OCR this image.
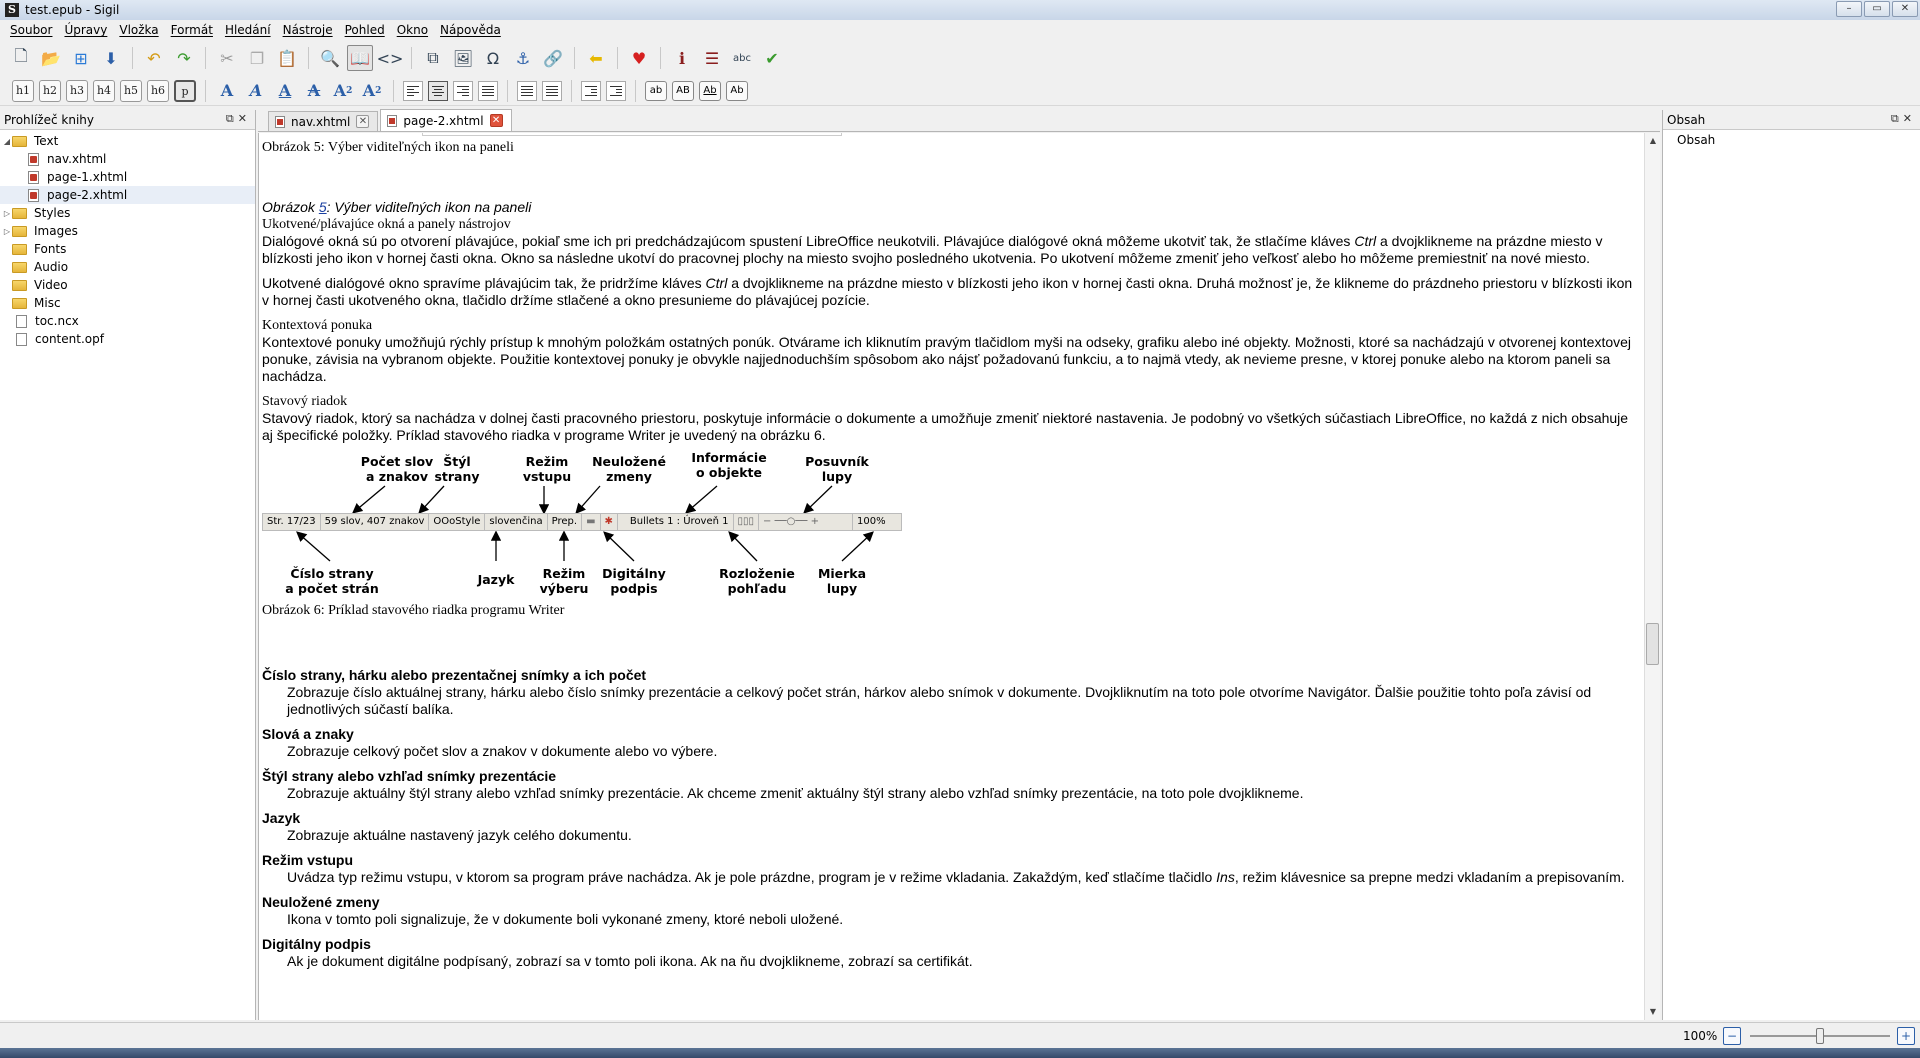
S test.epub - Sigil	–	▭	✕
Soubor	Úpravy	Vložka	Formát	Hledání	Nástroje	Pohled	Okno	Nápověda
🗋 📂 ⊞	⬇	↶	↷	✂	❐ 📋 🔍 📖 <>	⧉ 🖼 Ω	⚓ 🔗	⬅	♥	ℹ	☰	abc ✔
h1	h2	h3	h4	h5	h6	p	A	A	A	A A 2 A 2	ab	AB	Ab	Ab
Prohlížeč knihy	⧉✕
◢ Text
nav.xhtml
page-1.xhtml
page-2.xhtml
▷ Styles
▷ Images
Fonts
Audio
Video
Misc
toc.ncx
content.opf
nav.xhtml ✕	page-2.xhtml ✕
Obrázok 5: Výber viditeľných ikon na paneli
Obrázok 5: Výber viditeľných ikon na paneli
Ukotvené/plávajúce okná a panely nástrojov
Dialógové okná sú po otvorení plávajúce, pokiaľ sme ich pri predchádzajúcom spustení LibreOffice neukotvili. Plávajúce dialógové okná môžeme ukotviť tak, že stlačíme kláves Ctrl a dvojklikneme na prázdne miesto v blízkosti jeho ikon v hornej časti okna. Okno sa následne ukotví do pracovnej plochy na miesto svojho posledného ukotvenia. Po ukotvení môžeme zmeniť jeho veľkosť alebo ho môžeme premiestniť na nové miesto.
Ukotvené dialógové okno spravíme plávajúcim tak, že pridržíme kláves Ctrl a dvojklikneme na prázdne miesto v blízkosti jeho ikon v hornej časti okna. Druhá možnosť je, že klikneme do prázdneho priestoru v blízkosti ikon v hornej časti ukotveného okna, tlačidlo držíme stlačené a okno presunieme do plávajúcej pozície.
Kontextová ponuka
Kontextové ponuky umožňujú rýchly prístup k mnohým položkám ostatných ponúk. Otvárame ich kliknutím pravým tlačidlom myši na odseky, grafiku alebo iné objekty. Možnosti, ktoré sa nachádzajú v otvorenej kontextovej ponuke, závisia na vybranom objekte. Použitie kontextovej ponuky je obvykle najjednoduchším spôsobom ako nájsť požadovanú funkciu, a to najmä vtedy, ak nevieme presne, v ktorej ponuke alebo na ktorom paneli sa nachádza.
Stavový riadok
Stavový riadok, ktorý sa nachádza v dolnej časti pracovného priestoru, poskytuje informácie o dokumente a umožňuje zmeniť niektoré nastavenia. Je podobný vo všetkých súčastiach LibreOffice, no každá z nich obsahuje aj špecifické položky. Príklad stavového riadka v programe Writer je uvedený na obrázku 6.
Počet slov
a znakov
Štýl
strany
Režim
vstupu
Neuložené
zmeny
Informácie
o objekte
Posuvník
lupy
Str. 17/23 59 slov, 407 znakov OOoStyle slovenčina Prep. ▬ ✱	Bullets 1 : Úroveň 1 ▯▯▯ − ──○── +	100%
Číslo strany
a počet strán
Jazyk	Režim
výberu
Digitálny
podpis
Rozloženie
pohľadu
Mierka
lupy
Obrázok 6: Príklad stavového riadka programu Writer
Číslo strany, hárku alebo prezentačnej snímky a ich počet
Zobrazuje číslo aktuálnej strany, hárku alebo číslo snímky prezentácie a celkový počet strán, hárkov alebo snímok v dokumente. Dvojkliknutím na toto pole otvoríme Navigátor. Ďalšie použitie tohto poľa závisí od jednotlivých súčastí balíka.
Slová a znaky
Zobrazuje celkový počet slov a znakov v dokumente alebo vo výbere.
Štýl strany alebo vzhľad snímky prezentácie
Zobrazuje aktuálny štýl strany alebo vzhľad snímky prezentácie. Ak chceme zmeniť aktuálny štýl strany alebo vzhľad snímky prezentácie, na toto pole dvojklikneme.
Jazyk
Zobrazuje aktuálne nastavený jazyk celého dokumentu.
Režim vstupu
Uvádza typ režimu vstupu, v ktorom sa program práve nachádza. Ak je pole prázdne, program je v režime vkladania. Zakaždým, keď stlačíme tlačidlo Ins, režim klávesnice sa prepne medzi vkladaním a prepisovaním.
Neuložené zmeny
Ikona v tomto poli signalizuje, že v dokumente boli vykonané zmeny, ktoré neboli uložené.
Digitálny podpis
Ak je dokument digitálne podpísaný, zobrazí sa v tomto poli ikona. Ak na ňu dvojklikneme, zobrazí sa certifikát.
▲
▼
Obsah	⧉✕
Obsah
100% −	+
